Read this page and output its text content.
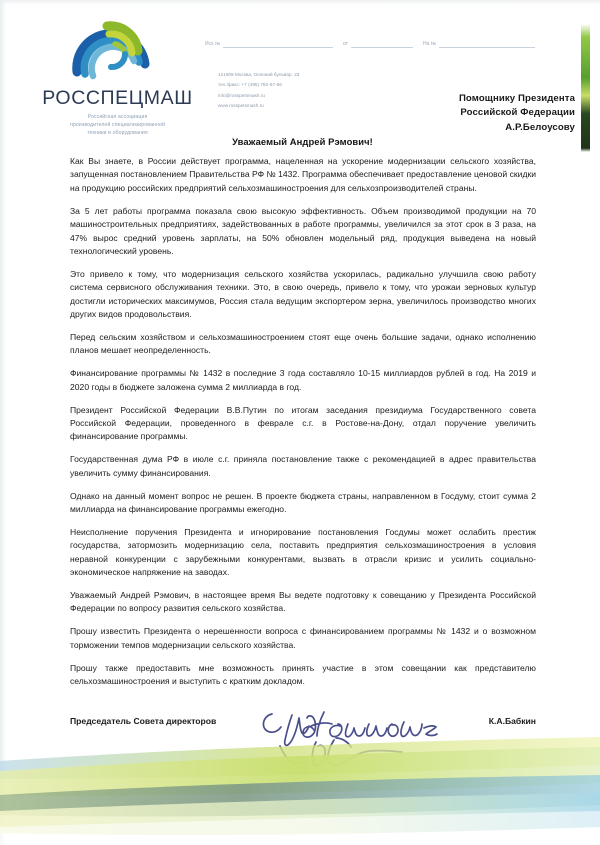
РОССПЕЦМАШ
Российская ассоциация
производителей специализированной
техники и оборудования
Исх №	от	На №
121609 Москва, Осенний бульвар, 23
тел./факс: +7 (495) 782-57-56
info@rosspetsmash.ru
www.rosspetsmash.ru
Помощнику Президента
Российской Федерации
А.Р.Белоусову
Уважаемый Андрей Рэмович!

Как Вы знаете, в России действует программа, нацеленная на ускорение модернизации сельского хозяйства, запущенная постановлением Правительства РФ № 1432. Программа обеспечивает предоставление ценовой скидки на продукцию российских предприятий сельхозмашиностроения для сельхозпроизводителей страны.

За 5 лет работы программа показала свою высокую эффективность. Объем производимой продукции на 70 машиностроительных предприятиях, задействованных в работе программы, увеличился за этот срок в 3 раза, на 47% вырос средний уровень зарплаты, на 50% обновлен модельный ряд, продукция выведена на новый технологический уровень.

Это привело к тому, что модернизация сельского хозяйства ускорилась, радикально улучшила свою работу система сервисного обслуживания техники. Это, в свою очередь, привело к тому, что урожаи зерновых культур достигли исторических максимумов, Россия стала ведущим экспортером зерна, увеличилось производство многих других видов продовольствия.

Перед сельским хозяйством и сельхозмашиностроением стоят еще очень большие задачи, однако исполнению планов мешает неопределенность.

Финансирование программы № 1432 в последние 3 года составляло 10-15 миллиардов рублей в год. На 2019 и 2020 годы в бюджете заложена сумма 2 миллиарда в год.

Президент Российской Федерации В.В.Путин по итогам заседания президиума Государственного совета Российской Федерации, проведенного в феврале с.г. в Ростове-на-Дону, отдал поручение увеличить финансирование программы.

Государственная дума РФ в июле с.г. приняла постановление также с рекомендацией в адрес правительства увеличить сумму финансирования.

Однако на данный момент вопрос не решен. В проекте бюджета страны, направленном в Госдуму, стоит сумма 2 миллиарда на финансирование программы ежегодно.

Неисполнение поручения Президента и игнорирование постановления Госдумы может ослабить престиж государства, затормозить модернизацию села, поставить предприятия сельхозмашиностроения в условия неравной конкуренции с зарубежными конкурентами, вызвать в отрасли кризис и усилить социально-экономическое напряжение на заводах.

Уважаемый Андрей Рэмович, в настоящее время Вы ведете подготовку к совещанию у Президента Российской Федерации по вопросу развития сельского хозяйства.

Прошу известить Президента о нерешенности вопроса с финансированием программы № 1432 и о возможном торможении темпов модернизации сельского хозяйства.

Прошу также предоставить мне возможность принять участие в этом совещании как представителю сельхозмашиностроения и выступить с кратким докладом.

Председатель Совета директоров	К.А.Бабкин
